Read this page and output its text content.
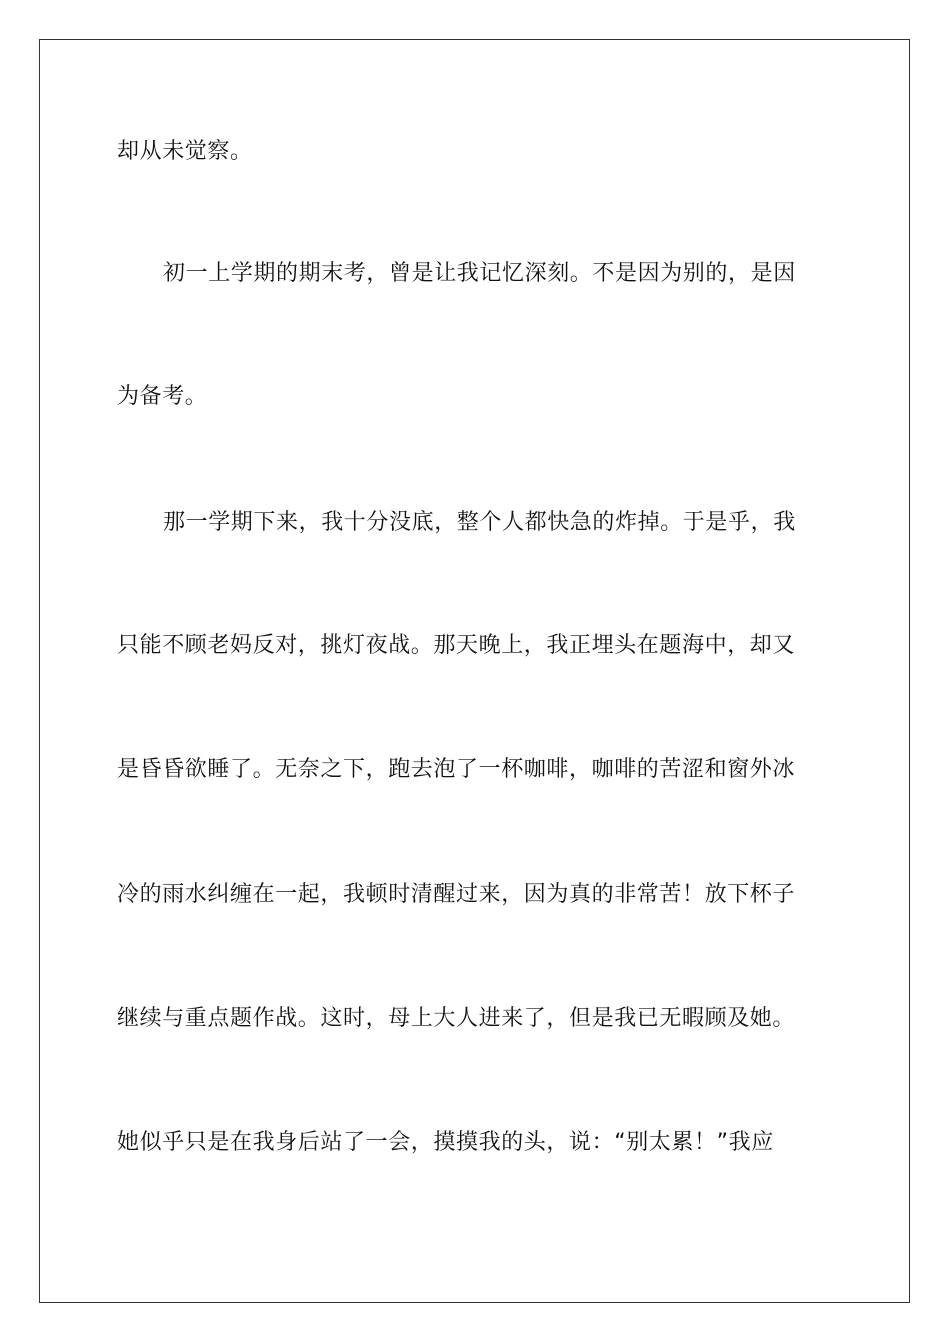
却从未觉察。
初一上学期的期末考，曾是让我记忆深刻。不是因为别的，是因
为备考。
那一学期下来，我十分没底，整个人都快急的炸掉。于是乎，我
只能不顾老妈反对，挑灯夜战。那天晚上，我正埋头在题海中，却又
是昏昏欲睡了。无奈之下，跑去泡了一杯咖啡，咖啡的苦涩和窗外冰
冷的雨水纠缠在一起，我顿时清醒过来，因为真的非常苦！放下杯子
继续与重点题作战。这时，母上大人进来了，但是我已无暇顾及她。
她似乎只是在我身后站了一会，摸摸我的头，说：“别太累！”我应
